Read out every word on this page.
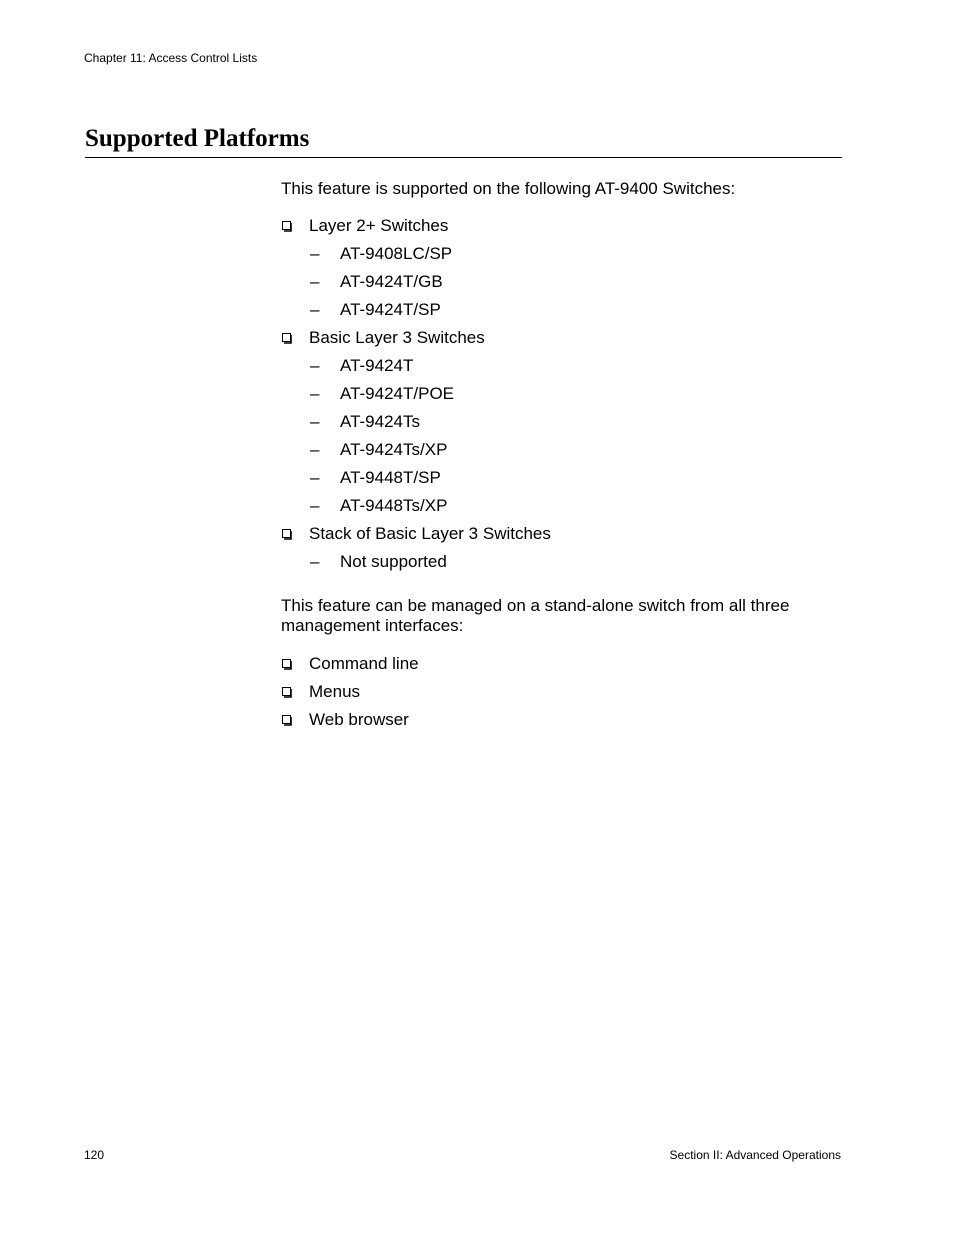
Chapter 11: Access Control Lists
Supported Platforms

This feature is supported on the following AT-9400 Switches:

Layer 2+ Switches
– AT-9408LC/SP
– AT-9424T/GB
– AT-9424T/SP
Basic Layer 3 Switches
– AT-9424T
– AT-9424T/POE
– AT-9424Ts
– AT-9424Ts/XP
– AT-9448T/SP
– AT-9448Ts/XP
Stack of Basic Layer 3 Switches
– Not supported

This feature can be managed on a stand-alone switch from all three management interfaces:

Command line
Menus
Web browser
120	Section II: Advanced Operations
